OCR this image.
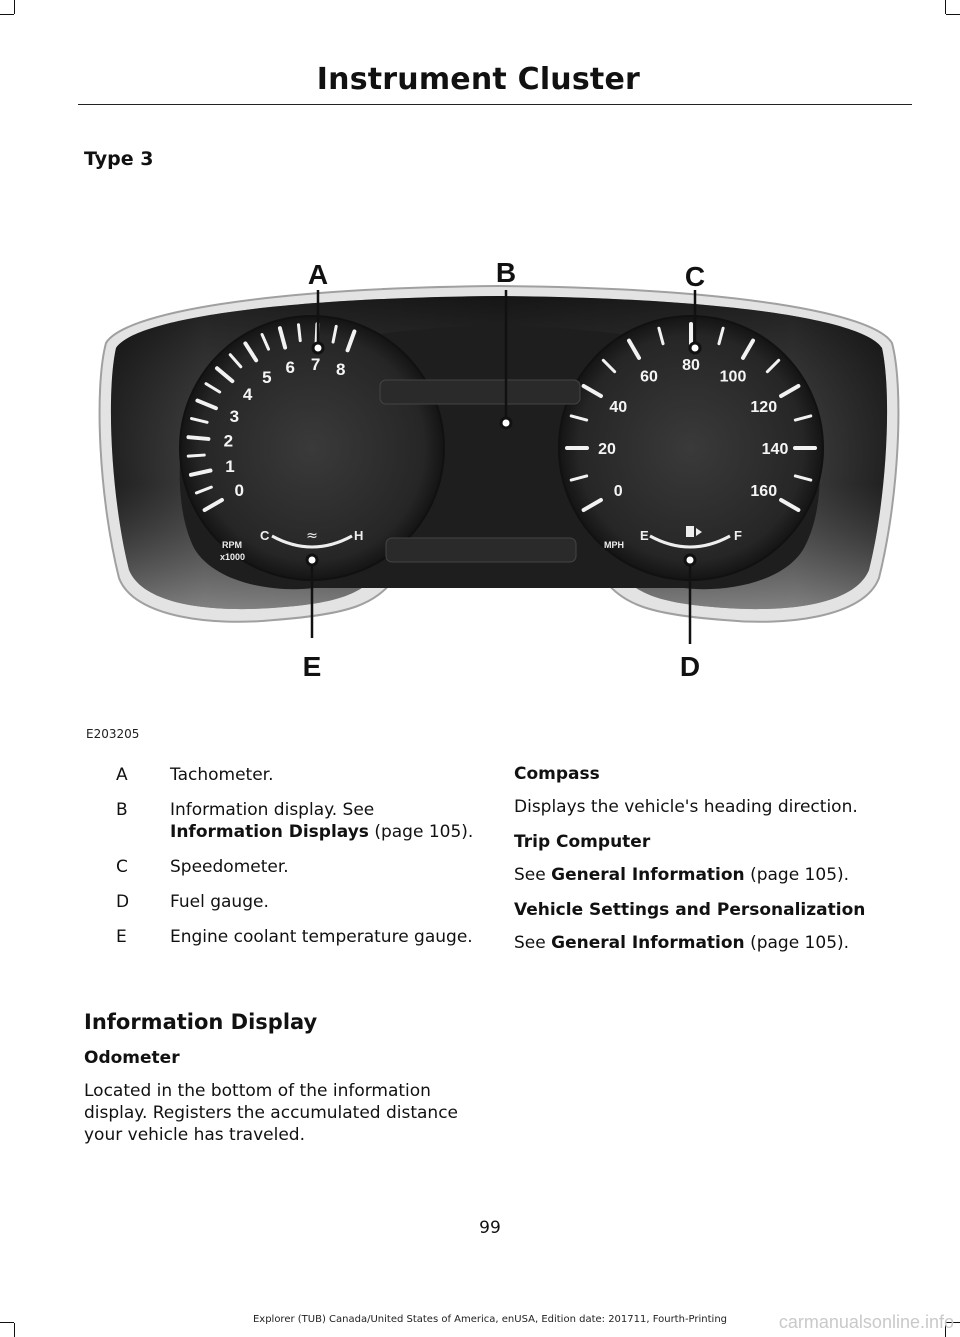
Instrument Cluster
Type 3
0
1
2
3
4
5
6 7 8
0
20
40
60
80
100
120
140
160
RPM
x1000
MPH
C	H
≈	E	F
A	B	C
D
E
E203205
A	Tachometer.
B	Information display. See Information Displays (page 105).
C	Speedometer.
D	Fuel gauge.
E	Engine coolant temperature gauge.
Information Display
Odometer
Located in the bottom of the information display. Registers the accumulated distance your vehicle has traveled.
Compass
Displays the vehicle's heading direction.
Trip Computer
See General Information (page 105).
Vehicle Settings and Personalization
See General Information (page 105).
99
Explorer (TUB) Canada/United States of America, enUSA, Edition date: 201711, Fourth-Printing	carmanualsonline.info
